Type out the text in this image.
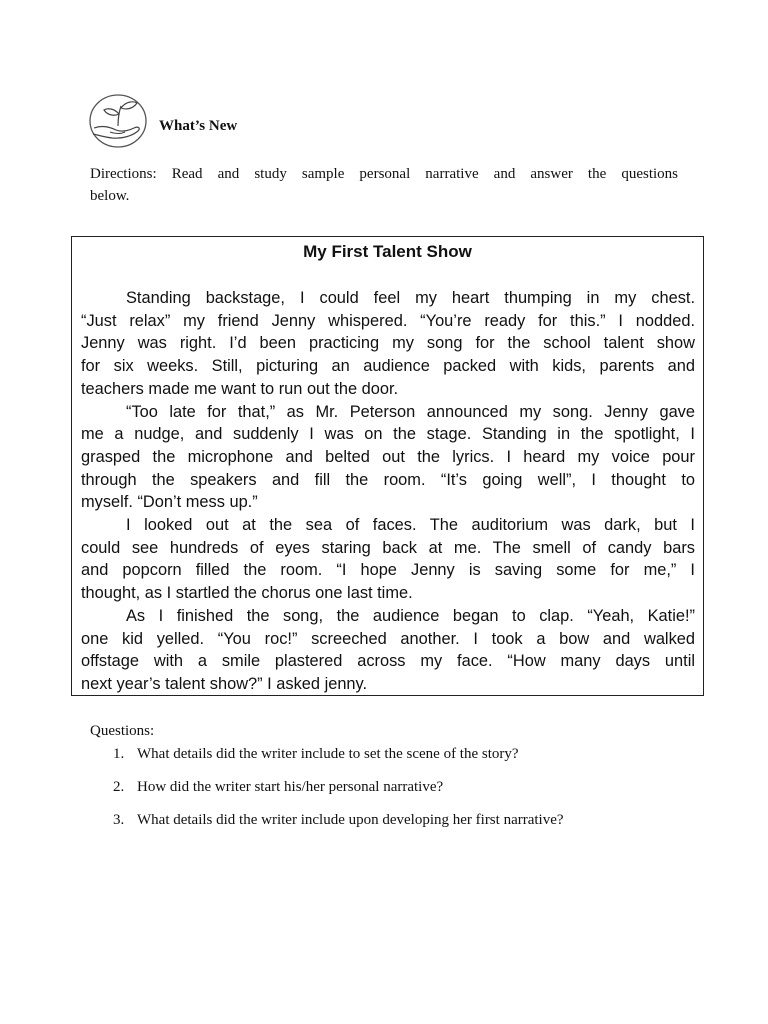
What’s New
Directions: Read and study sample personal narrative and answer the questions
below.
My First Talent Show
Standing backstage, I could feel my heart thumping in my chest.
“Just relax” my friend Jenny whispered. “You’re ready for this.” I nodded.
Jenny was right. I’d been practicing my song for the school talent show
for six weeks. Still, picturing an audience packed with kids, parents and
teachers made me want to run out the door.
“Too late for that,” as Mr. Peterson announced my song. Jenny gave
me a nudge, and suddenly I was on the stage. Standing in the spotlight, I
grasped the microphone and belted out the lyrics. I heard my voice pour
through the speakers and fill the room. “It’s going well”, I thought to
myself. “Don’t mess up.”
I looked out at the sea of faces. The auditorium was dark, but I
could see hundreds of eyes staring back at me. The smell of candy bars
and popcorn filled the room. “I hope Jenny is saving some for me,” I
thought, as I startled the chorus one last time.
As I finished the song, the audience began to clap. “Yeah, Katie!”
one kid yelled. “You roc!” screeched another. I took a bow and walked
offstage with a smile plastered across my face. “How many days until
next year’s talent show?” I asked jenny.
Questions:
1. What details did the writer include to set the scene of the story?
2. How did the writer start his/her personal narrative?
3. What details did the writer include upon developing her first narrative?
